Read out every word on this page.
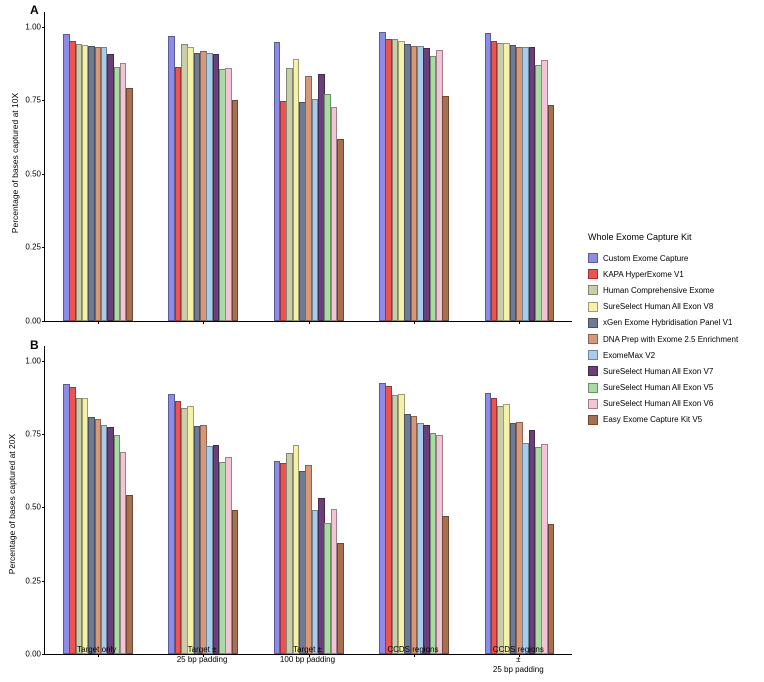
A
Percentage of bases captured at 10X
0.00
0.25
0.50
0.75
1.00
B
Percentage of bases captured at 20X
0.00
0.25
0.50
0.75
1.00
Target only	Target ±
25 bp padding
Target ±
100 bp padding
CCDS regions	CCDS regions ±
25 bp padding
Whole Exome Capture Kit
Custom Exome Capture
KAPA HyperExome V1
Human Comprehensive Exome
SureSelect Human All Exon V8
xGen Exome Hybridisation Panel V1
DNA Prep with Exome 2.5 Enrichment
ExomeMax V2
SureSelect Human All Exon V7
SureSelect Human All Exon V5
SureSelect Human All Exon V6
Easy Exome Capture Kit V5
